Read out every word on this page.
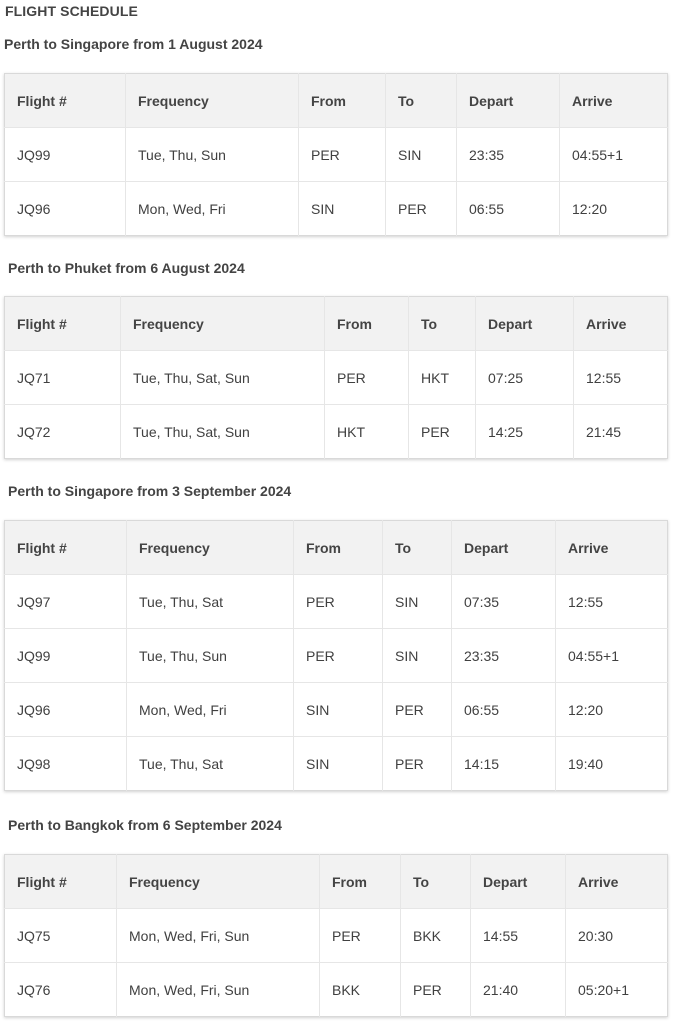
FLIGHT SCHEDULE
Perth to Singapore from 1 August 2024
Flight #	Frequency	From	To	Depart	Arrive
JQ99	Tue, Thu, Sun	PER	SIN	23:35	04:55+1
JQ96	Mon, Wed, Fri	SIN	PER	06:55	12:20
Perth to Phuket from 6 August 2024
Flight #	Frequency	From	To	Depart	Arrive
JQ71	Tue, Thu, Sat, Sun	PER	HKT	07:25	12:55
JQ72	Tue, Thu, Sat, Sun	HKT	PER	14:25	21:45
Perth to Singapore from 3 September 2024
Flight #	Frequency	From	To	Depart	Arrive
JQ97	Tue, Thu, Sat	PER	SIN	07:35	12:55
JQ99	Tue, Thu, Sun	PER	SIN	23:35	04:55+1
JQ96	Mon, Wed, Fri	SIN	PER	06:55	12:20
JQ98	Tue, Thu, Sat	SIN	PER	14:15	19:40
Perth to Bangkok from 6 September 2024
Flight #	Frequency	From	To	Depart	Arrive
JQ75	Mon, Wed, Fri, Sun	PER	BKK	14:55	20:30
JQ76	Mon, Wed, Fri, Sun	BKK	PER	21:40	05:20+1
